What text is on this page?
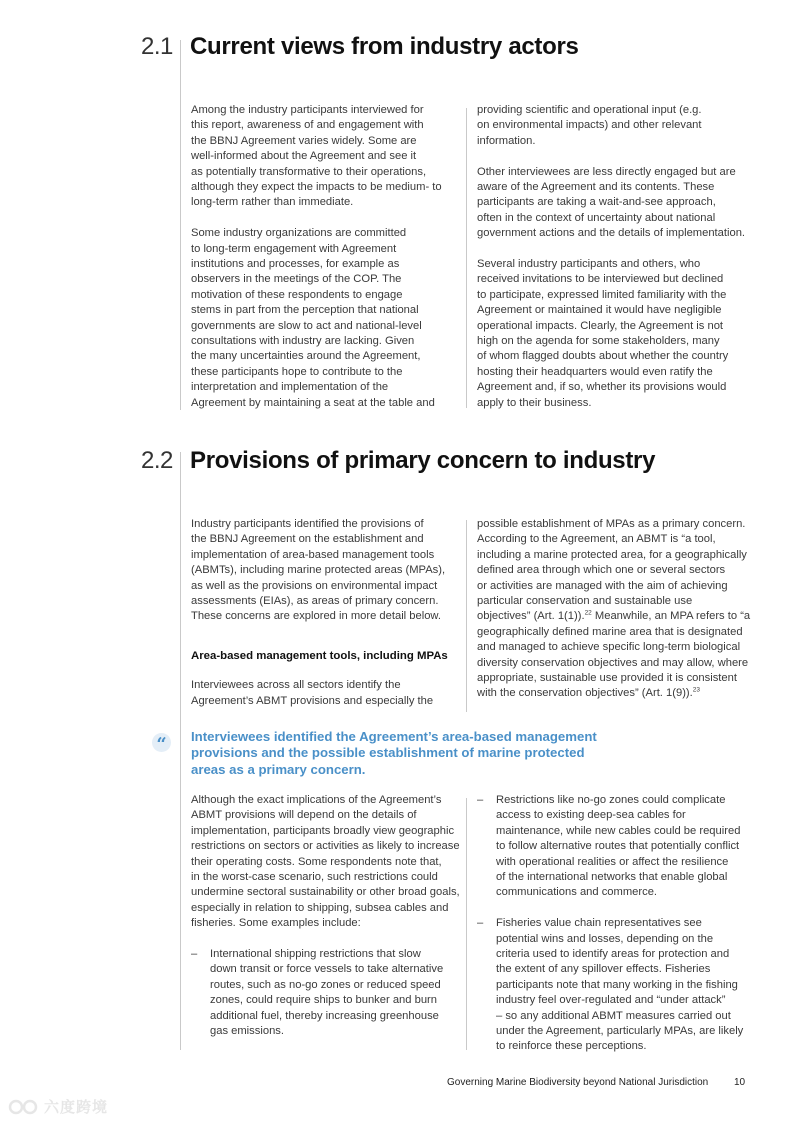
2.1 Current views from industry actors

Among the industry participants interviewed for
this report, awareness of and engagement with
the BBNJ Agreement varies widely. Some are
well-informed about the Agreement and see it
as potentially transformative to their operations,
although they expect the impacts to be medium- to
long-term rather than immediate.

Some industry organizations are committed
to long-term engagement with Agreement
institutions and processes, for example as
observers in the meetings of the COP. The
motivation of these respondents to engage
stems in part from the perception that national
governments are slow to act and national-level
consultations with industry are lacking. Given
the many uncertainties around the Agreement,
these participants hope to contribute to the
interpretation and implementation of the
Agreement by maintaining a seat at the table and

providing scientific and operational input (e.g.
on environmental impacts) and other relevant
information.

Other interviewees are less directly engaged but are
aware of the Agreement and its contents. These
participants are taking a wait-and-see approach,
often in the context of uncertainty about national
government actions and the details of implementation.

Several industry participants and others, who
received invitations to be interviewed but declined
to participate, expressed limited familiarity with the
Agreement or maintained it would have negligible
operational impacts. Clearly, the Agreement is not
high on the agenda for some stakeholders, many
of whom flagged doubts about whether the country
hosting their headquarters would even ratify the
Agreement and, if so, whether its provisions would
apply to their business.

2.2 Provisions of primary concern to industry

Industry participants identified the provisions of
the BBNJ Agreement on the establishment and
implementation of area-based management tools
(ABMTs), including marine protected areas (MPAs),
as well as the provisions on environmental impact
assessments (EIAs), as areas of primary concern.
These concerns are explored in more detail below.

Area-based management tools, including MPAs

Interviewees across all sectors identify the
Agreement’s ABMT provisions and especially the

possible establishment of MPAs as a primary concern.
According to the Agreement, an ABMT is “a tool,
including a marine protected area, for a geographically
defined area through which one or several sectors
or activities are managed with the aim of achieving
particular conservation and sustainable use
objectives” (Art. 1(1)).$^{22}$ Meanwhile, an MPA refers to “a
geographically defined marine area that is designated
and managed to achieve specific long-term biological
diversity conservation objectives and may allow, where
appropriate, sustainable use provided it is consistent
with the conservation objectives” (Art. 1(9)).$^{23}$

“	Interviewees identified the Agreement’s area-based management
provisions and the possible establishment of marine protected
areas as a primary concern.

Although the exact implications of the Agreement’s
ABMT provisions will depend on the details of
implementation, participants broadly view geographic
restrictions on sectors or activities as likely to increase
their operating costs. Some respondents note that,
in the worst-case scenario, such restrictions could
undermine sectoral sustainability or other broad goals,
especially in relation to shipping, subsea cables and
fisheries. Some examples include:

–	International shipping restrictions that slow
down transit or force vessels to take alternative
routes, such as no-go zones or reduced speed
zones, could require ships to bunker and burn
additional fuel, thereby increasing greenhouse
gas emissions.

–	Restrictions like no-go zones could complicate
access to existing deep-sea cables for
maintenance, while new cables could be required
to follow alternative routes that potentially conflict
with operational realities or affect the resilience
of the international networks that enable global
communications and commerce.

–	Fisheries value chain representatives see
potential wins and losses, depending on the
criteria used to identify areas for protection and
the extent of any spillover effects. Fisheries
participants note that many working in the fishing
industry feel over-regulated and “under attack”
– so any additional ABMT measures carried out
under the Agreement, particularly MPAs, are likely
to reinforce these perceptions.

Governing Marine Biodiversity beyond National Jurisdiction	10
六度跨境
